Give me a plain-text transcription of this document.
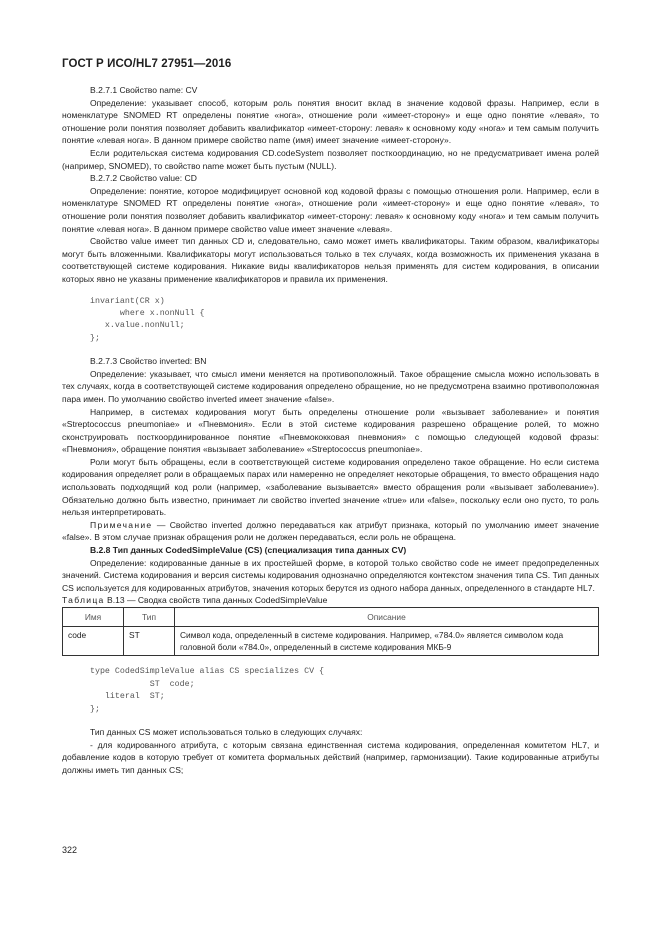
ГОСТ Р ИСО/HL7 27951—2016

B.2.7.1 Свойство name: CV

Определение: указывает способ, которым роль понятия вносит вклад в значение кодовой фразы. Например, если в номенклатуре SNOMED RT определены понятие «нога», отношение роли «имеет-сторону» и еще одно понятие «левая», то отношение роли понятия позволяет добавить квалификатор «имеет-сторону: левая» к основному коду «нога» и тем самым получить понятие «левая нога». В данном примере свойство name (имя) имеет значение «имеет-сторону».

Если родительская система кодирования CD.codeSystem позволяет посткоординацию, но не предусматривает имена ролей (например, SNOMED), то свойство name может быть пустым (NULL).

B.2.7.2 Свойство value: CD

Определение: понятие, которое модифицирует основной код кодовой фразы с помощью отношения роли. Например, если в номенклатуре SNOMED RT определены понятие «нога», отношение роли «имеет-сторону» и еще одно понятие «левая», то отношение роли понятия позволяет добавить квалификатор «имеет-сторону: левая» к основному коду «нога» и тем самым получить понятие «левая нога». В данном примере свойство value имеет значение «левая».

Свойство value имеет тип данных CD и, следовательно, само может иметь квалификаторы. Таким образом, квалификаторы могут быть вложенными. Квалификаторы могут использоваться только в тех случаях, когда возможность их применения указана в соответствующей системе кодирования. Никакие виды квалификаторов нельзя применять для систем кодирования, в описании которых явно не указаны применение квалификаторов и правила их применения.

invariant(CR x)
where x.nonNull {
x.value.nonNull;
};

B.2.7.3 Свойство inverted: BN

Определение: указывает, что смысл имени меняется на противоположный. Такое обращение смысла можно использовать в тех случаях, когда в соответствующей системе кодирования определено обращение, но не предусмотрена взаимно противоположная пара имен. По умолчанию свойство inverted имеет значение «false».

Например, в системах кодирования могут быть определены отношение роли «вызывает заболевание» и понятия «Streptococcus pneumoniae» и «Пневмония». Если в этой системе кодирования разрешено обращение ролей, то можно сконструировать посткоординированное понятие «Пневмококковая пневмония» с помощью следующей кодовой фразы: «Пневмония», обращение понятия «вызывает заболевание» «Streptococcus pneumoniae».

Роли могут быть обращены, если в соответствующей системе кодирования определено такое обращение. Но если система кодирования определяет роли в обращаемых парах или намеренно не определяет некоторые обращения, то вместо обращения надо использовать подходящий код роли (например, «заболевание вызывается» вместо обращения роли «вызывает заболевание»). Обязательно должно быть известно, принимает ли свойство inverted значение «true» или «false», поскольку если оно пусто, то роль нельзя интерпретировать.

Примечание — Свойство inverted должно передаваться как атрибут признака, который по умолчанию имеет значение «false». В этом случае признак обращения роли не должен передаваться, если роль не обращена.

B.2.8 Тип данных CodedSimpleValue (CS) (специализация типа данных CV)

Определение: кодированные данные в их простейшей форме, в которой только свойство code не имеет предопределенных значений. Система кодирования и версия системы кодирования однозначно определяются контекстом значения типа CS. Тип данных CS используется для кодированных атрибутов, значения которых берутся из одного набора данных, определенного в стандарте HL7.

Таблица B.13 — Сводка свойств типа данных CodedSimpleValue

Имя	Тип	Описание
code	ST	Символ кода, определенный в системе кодирования. Например, «784.0» является символом кода головной боли «784.0», определенный в системе кодирования МКБ-9
type CodedSimpleValue alias CS specializes CV {
ST  code;
literal  ST;
};

Тип данных CS может использоваться только в следующих случаях:

- для кодированного атрибута, с которым связана единственная система кодирования, определенная комитетом HL7, и добавление кодов в которую требует от комитета формальных действий (например, гармонизации). Такие кодированные атрибуты должны иметь тип данных CS;

322
